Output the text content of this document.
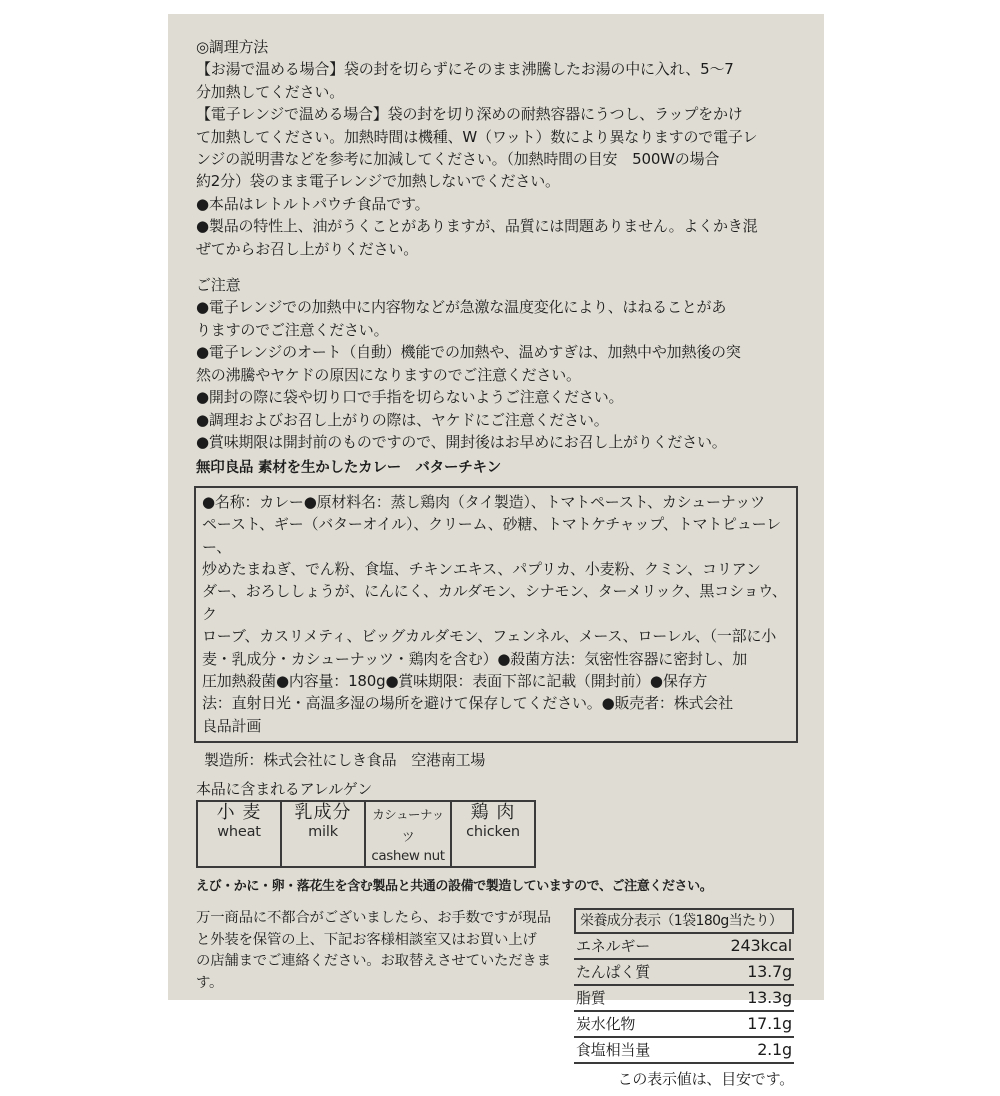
◎調理方法

【お湯で温める場合】袋の封を切らずにそのまま沸騰したお湯の中に入れ、5〜7

分加熱してください。

【電子レンジで温める場合】袋の封を切り深めの耐熱容器にうつし、ラップをかけ

て加熱してください。加熱時間は機種、W（ワット）数により異なりますので電子レ

ンジの説明書などを参考に加減してください。（加熱時間の目安　500Wの場合

約2分）袋のまま電子レンジで加熱しないでください。

●本品はレトルトパウチ食品です。

●製品の特性上、油がうくことがありますが、品質には問題ありません。よくかき混

ぜてからお召し上がりください。

ご注意

●電子レンジでの加熱中に内容物などが急激な温度変化により、はねることがあ

りますのでご注意ください。

●電子レンジのオート（自動）機能での加熱や、温めすぎは、加熱中や加熱後の突

然の沸騰やヤケドの原因になりますのでご注意ください。

●開封の際に袋や切り口で手指を切らないようご注意ください。

●調理およびお召し上がりの際は、ヤケドにご注意ください。

●賞味期限は開封前のものですので、開封後はお早めにお召し上がりください。

無印良品 素材を生かしたカレー　バターチキン

●名称：カレー●原材料名：蒸し鶏肉（タイ製造）、トマトペースト、カシューナッツ

ペースト、ギー（バターオイル）、クリーム、砂糖、トマトケチャップ、トマトピューレー、

炒めたまねぎ、でん粉、食塩、チキンエキス、パプリカ、小麦粉、クミン、コリアン

ダー、おろししょうが、にんにく、カルダモン、シナモン、ターメリック、黒コショウ、ク

ローブ、カスリメティ、ビッグカルダモン、フェンネル、メース、ローレル、（一部に小

麦・乳成分・カシューナッツ・鶏肉を含む）●殺菌方法：気密性容器に密封し、加

圧加熱殺菌●内容量：180g●賞味期限：表面下部に記載（開封前）●保存方

法：直射日光・高温多湿の場所を避けて保存してください。●販売者：株式会社

良品計画

製造所：株式会社にしき食品　空港南工場

本品に含まれるアレルゲン

小 麦
wheat

乳成分
milk

カシューナッツ
cashew nut

鶏 肉
chicken

えび・かに・卵・落花生を含む製品と共通の設備で製造していますので、ご注意ください。

万一商品に不都合がございましたら、お手数ですが現品

と外装を保管の上、下記お客様相談室又はお買い上げ

の店舗までご連絡ください。お取替えさせていただきます。

栄養成分表示（1袋180g当たり）
エネルギー	243kcal
たんぱく質	13.7g
脂質	13.3g
炭水化物	17.1g
食塩相当量	2.1g
この表示値は、目安です。
